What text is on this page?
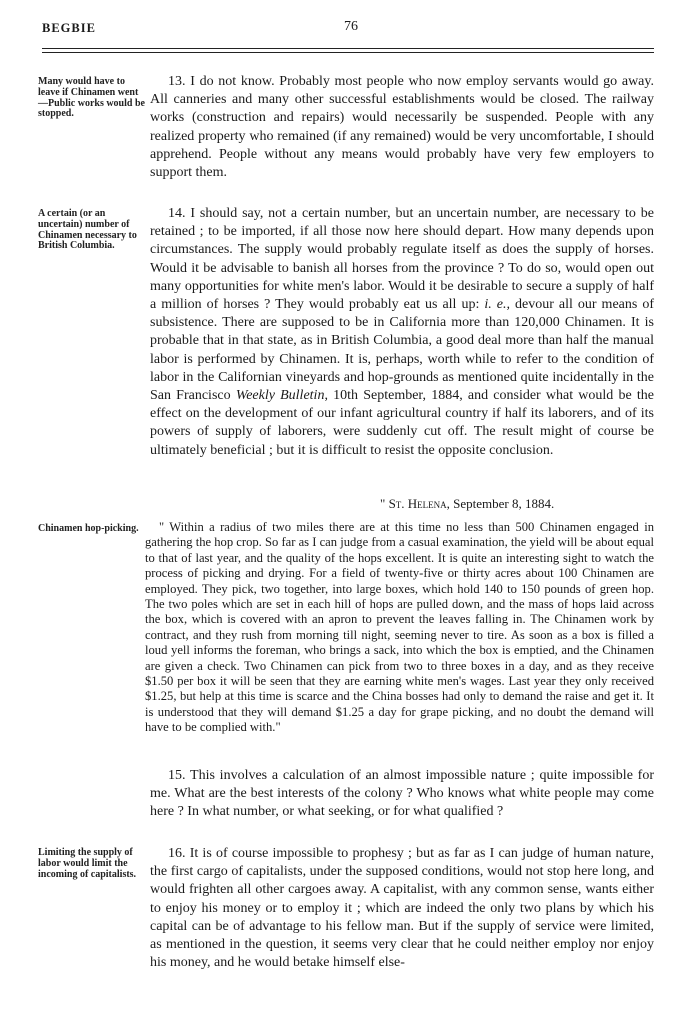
BEGBIE	76
Many would have to leave if Chinamen went—Public works would be stopped.

13. I do not know. Probably most people who now employ servants would go away. All canneries and many other successful establishments would be closed. The railway works (construction and repairs) would necessarily be suspended. People with any realized property who remained (if any remained) would be very uncomfortable, I should apprehend. People without any means would probably have very few employers to support them.

A certain (or an uncertain) number of Chinamen necessary to British Columbia.

14. I should say, not a certain number, but an uncertain number, are necessary to be retained ; to be imported, if all those now here should depart. How many depends upon circumstances. The supply would probably regulate itself as does the supply of horses. Would it be advisable to banish all horses from the province ? To do so, would open out many opportunities for white men's labor. Would it be desirable to secure a supply of half a million of horses ? They would probably eat us all up: i. e., devour all our means of subsistence. There are supposed to be in California more than 120,000 Chinamen. It is probable that in that state, as in British Columbia, a good deal more than half the manual labor is performed by Chinamen. It is, perhaps, worth while to refer to the condition of labor in the Californian vineyards and hop-grounds as mentioned quite incidentally in the San Francisco Weekly Bulletin, 10th September, 1884, and consider what would be the effect on the development of our infant agricultural country if half its laborers, and of its powers of supply of laborers, were suddenly cut off. The result might of course be ultimately beneficial ; but it is difficult to resist the opposite conclusion.

" St. Helena, September 8, 1884.
Chinamen hop-picking.	" Within a radius of two miles there are at this time no less than 500 Chinamen engaged in gathering the hop crop. So far as I can judge from a casual examination, the yield will be about equal to that of last year, and the quality of the hops excellent. It is quite an interesting sight to watch the process of picking and drying. For a field of twenty-five or thirty acres about 100 Chinamen are employed. They pick, two together, into large boxes, which hold 140 to 150 pounds of green hop. The two poles which are set in each hill of hops are pulled down, and the mass of hops laid across the box, which is covered with an apron to prevent the leaves falling in. The Chinamen work by contract, and they rush from morning till night, seeming never to tire. As soon as a box is filled a loud yell informs the foreman, who brings a sack, into which the box is emptied, and the Chinamen are given a check. Two Chinamen can pick from two to three boxes in a day, and as they receive $1.50 per box it will be seen that they are earning white men's wages. Last year they only received $1.25, but help at this time is scarce and the China bosses had only to demand the raise and get it. It is understood that they will demand $1.25 a day for grape picking, and no doubt the demand will have to be complied with."

15. This involves a calculation of an almost impossible nature ; quite impossible for me. What are the best interests of the colony ? Who knows what white people may come here ? In what number, or what seeking, or for what qualified ?

Limiting the supply of labor would limit the incoming of capitalists.

16. It is of course impossible to prophesy ; but as far as I can judge of human nature, the first cargo of capitalists, under the supposed conditions, would not stop here long, and would frighten all other cargoes away. A capitalist, with any common sense, wants either to enjoy his money or to employ it ; which are indeed the only two plans by which his capital can be of advantage to his fellow man. But if the supply of service were limited, as mentioned in the question, it seems very clear that he could neither employ nor enjoy his money, and he would betake himself else-
